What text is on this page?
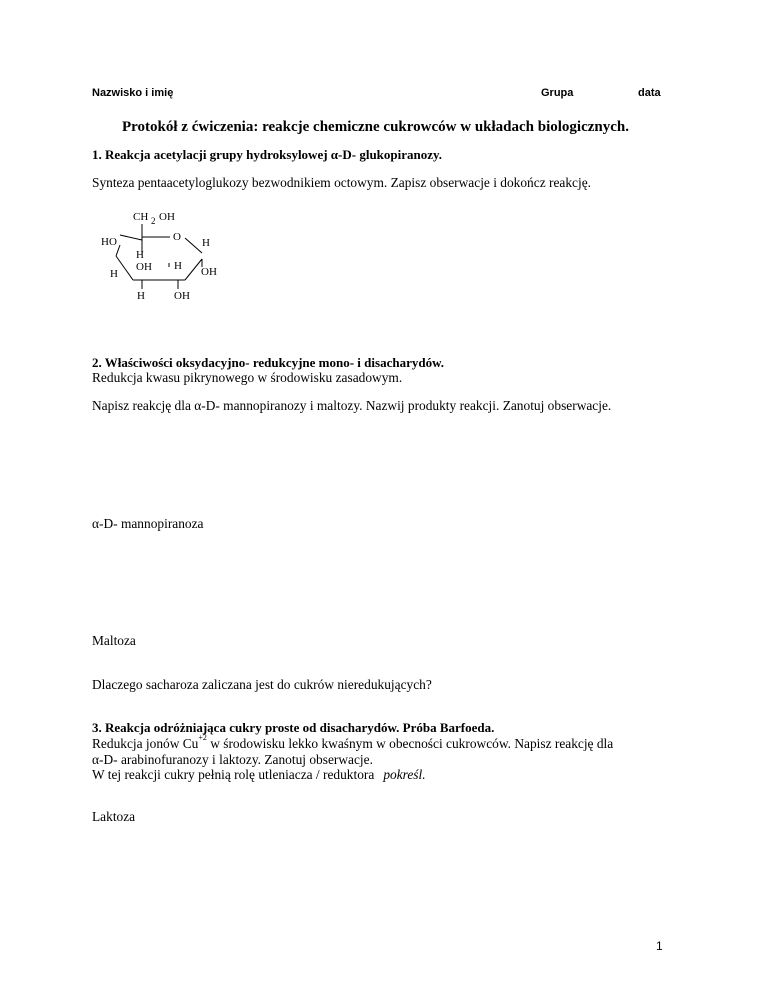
Nazwisko i imię	Grupa	data
Protokół z ćwiczenia: reakcje chemiczne cukrowców w układach biologicznych.
1. Reakcja acetylacji grupy hydroksylowej α-D- glukopiranozy.
Synteza pentaacetyloglukozy bezwodnikiem octowym. Zapisz obserwacje i dokończ reakcję.
CH 2 OH
O
HO	H
H
OH H
H	OH
H	OH
2. Właściwości oksydacyjno- redukcyjne mono- i disacharydów.
Redukcja kwasu pikrynowego w środowisku zasadowym.
Napisz reakcję dla α-D- mannopiranozy i maltozy. Nazwij produkty reakcji. Zanotuj obserwacje.
α-D- mannopiranoza
Maltoza
Dlaczego sacharoza zaliczana jest do cukrów nieredukujących?
3. Reakcja odróżniająca cukry proste od disacharydów. Próba Barfoeda.
Redukcja jonów $Cu^{+2}$ w środowisku lekko kwaśnym w obecności cukrowców. Napisz reakcję dla
α-D- arabinofuranozy i laktozy. Zanotuj obserwacje.
W tej reakcji cukry pełnią rolę utleniacza / reduktora pokreśl.
Laktoza
1
